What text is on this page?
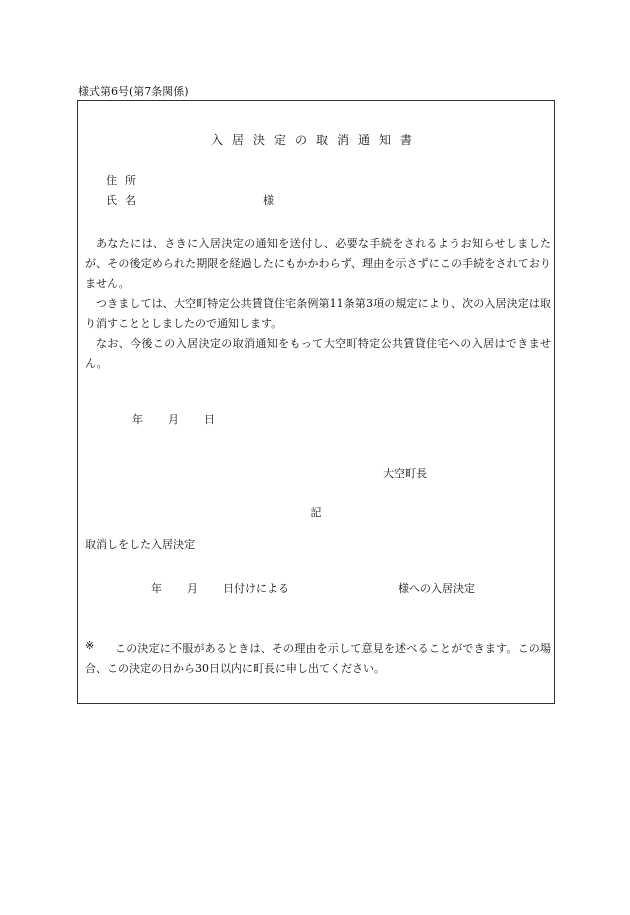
様式第6号(第7条関係)
入居決定の取消通知書
住所
氏名	様

あなたには、さきに入居決定の通知を送付し、必要な手続をされるようお知らせしましたが、その後定められた期限を経過したにもかかわらず、理由を示さずにこの手続をされておりません。

つきましては、大空町特定公共賃貸住宅条例第11条第3項の規定により、次の入居決定は取り消すこととしましたので通知します。

なお、今後この入居決定の取消通知をもって大空町特定公共賃貸住宅への入居はできません。

年 月 日
大空町長
記
取消しをした入居決定
年 月 日付けによる	様への入居決定
※	この決定に不服があるときは、その理由を示して意見を述べることができます。この場合、この決定の日から30日以内に町長に申し出てください。
